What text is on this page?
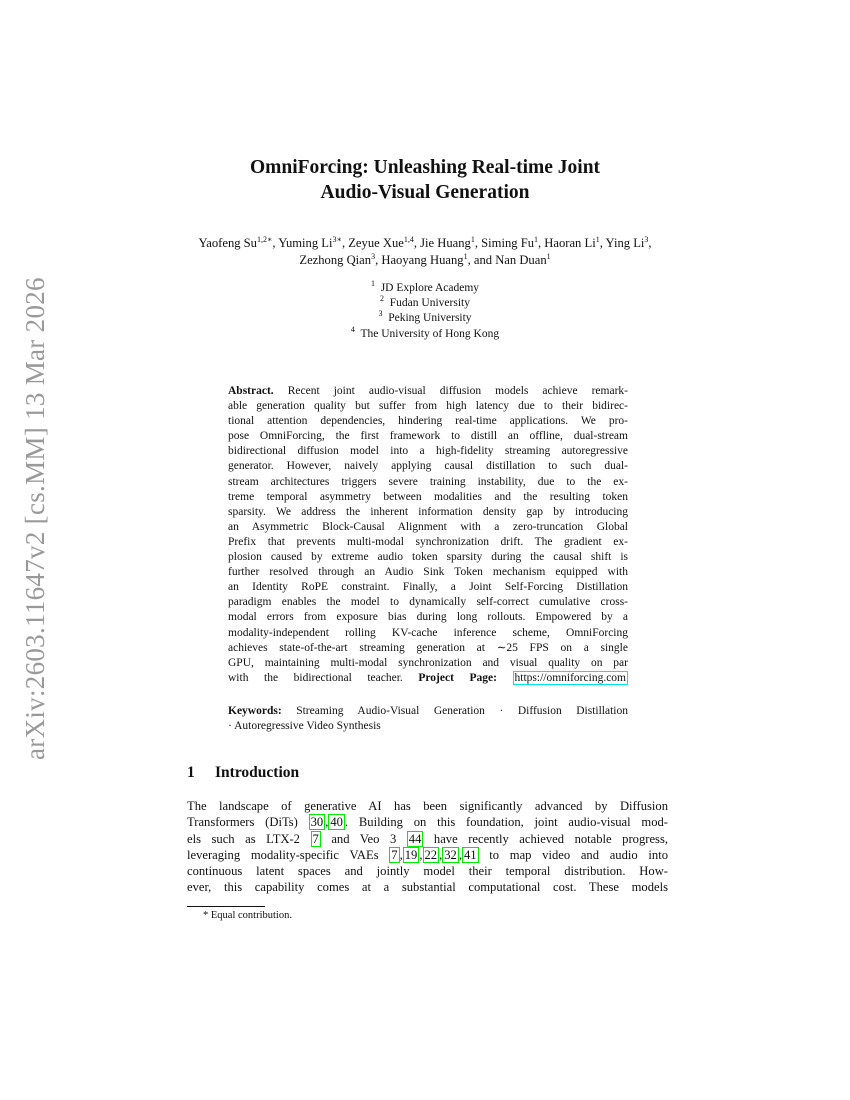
arXiv:2603.11647v2 [cs.MM] 13 Mar 2026
OmniForcing: Unleashing Real-time Joint
Audio-Visual Generation
Yaofeng $Su^{1,2∗}$, Yuming $Li^{3∗}$, Zeyue Xue$^{1,4}$, Jie Huang$^1$, Siming Fu$^1$, Haoran Li$^1$, Ying Li$^3$, Zezhong Qian$^3$, Haoyang Huang$^1$, and Nan Duan$^1$
$^1$ JD Explore Academy
$^2$ Fudan University
$^3$ Peking University
$^4$ The University of Hong Kong
Abstract. Recent joint audio-visual diffusion models achieve remark-
able generation quality but suffer from high latency due to their bidirec-
tional attention dependencies, hindering real-time applications. We pro-
pose OmniForcing, the first framework to distill an offline, dual-stream
bidirectional diffusion model into a high-fidelity streaming autoregressive
generator. However, naively applying causal distillation to such dual-
stream architectures triggers severe training instability, due to the ex-
treme temporal asymmetry between modalities and the resulting token
sparsity. We address the inherent information density gap by introducing
an Asymmetric Block-Causal Alignment with a zero-truncation Global
Prefix that prevents multi-modal synchronization drift. The gradient ex-
plosion caused by extreme audio token sparsity during the causal shift is
further resolved through an Audio Sink Token mechanism equipped with
an Identity RoPE constraint. Finally, a Joint Self-Forcing Distillation
paradigm enables the model to dynamically self-correct cumulative cross-
modal errors from exposure bias during long rollouts. Empowered by a
modality-independent rolling KV-cache inference scheme, OmniForcing
achieves state-of-the-art streaming generation at ∼25 FPS on a single
GPU, maintaining multi-modal synchronization and visual quality on par
with the bidirectional teacher. Project Page: https://omniforcing.com
Keywords: Streaming Audio-Visual Generation · Diffusion Distillation
· Autoregressive Video Synthesis
1 Introduction
The landscape of generative AI has been significantly advanced by Diffusion
Transformers (DiTs) 30 , 40 . Building on this foundation, joint audio-visual mod-
els such as LTX-2 7 and Veo 3 44 have recently achieved notable progress,
leveraging modality-specific VAEs 7 , 19 , 22 , 32 , 41 to map video and audio into
continuous latent spaces and jointly model their temporal distribution. How-
ever, this capability comes at a substantial computational cost. These models
* Equal contribution.
